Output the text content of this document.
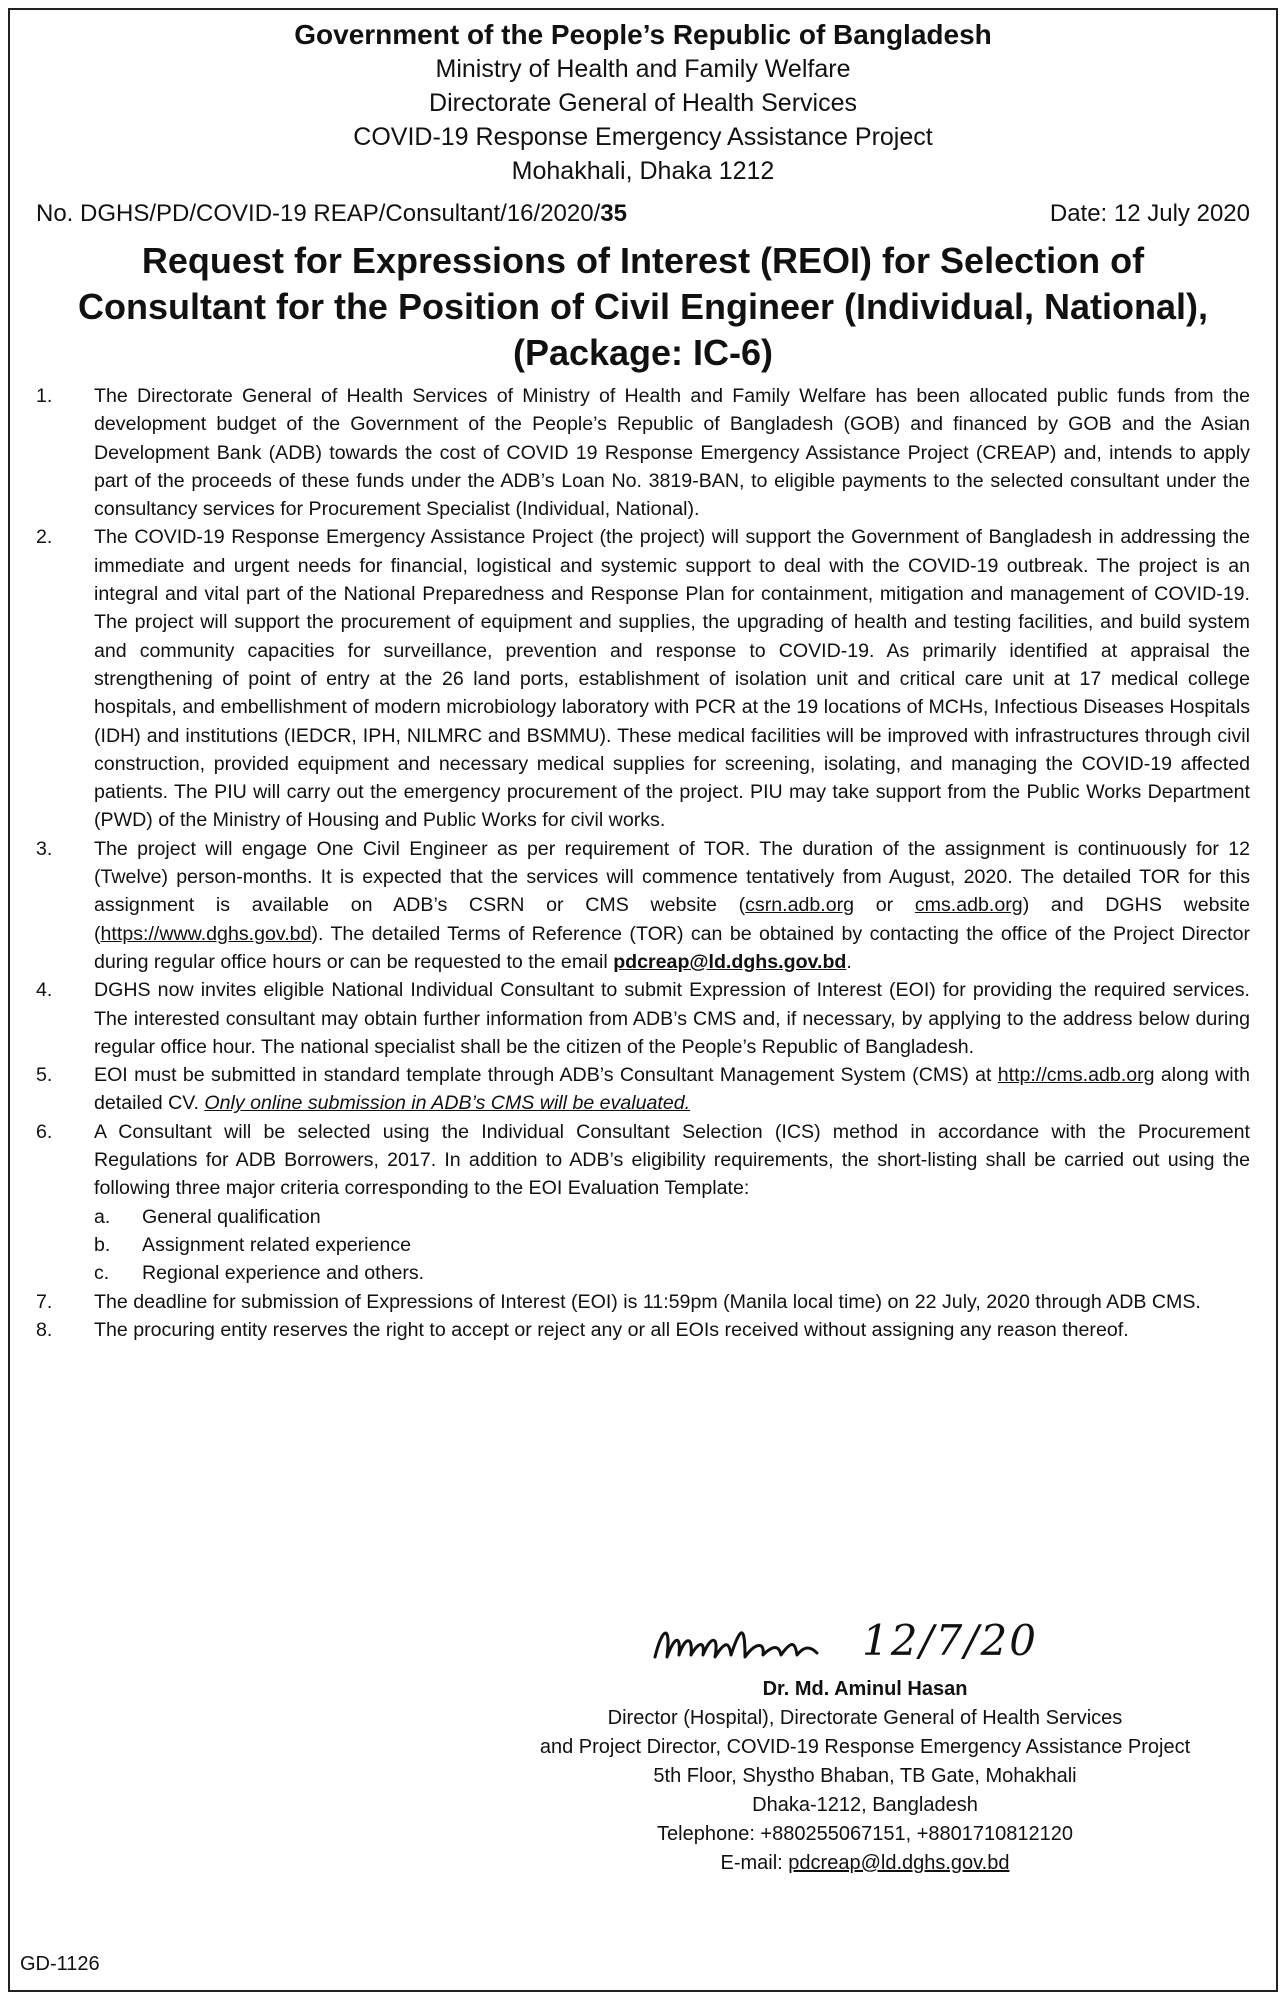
Government of the People’s Republic of Bangladesh
Ministry of Health and Family Welfare
Directorate General of Health Services
COVID-19 Response Emergency Assistance Project
Mohakhali, Dhaka 1212
No. DGHS/PD/COVID-19 REAP/Consultant/16/2020/35	Date: 12 July 2020
Request for Expressions of Interest (REOI) for Selection of Consultant for the Position of Civil Engineer (Individual, National), (Package: IC-6)
1.	The Directorate General of Health Services of Ministry of Health and Family Welfare has been allocated public funds from the development budget of the Government of the People’s Republic of Bangladesh (GOB) and financed by GOB and the Asian Development Bank (ADB) towards the cost of COVID 19 Response Emergency Assistance Project (CREAP) and, intends to apply part of the proceeds of these funds under the ADB’s Loan No. 3819-BAN, to eligible payments to the selected consultant under the consultancy services for Procurement Specialist (Individual, National).
2.	The COVID-19 Response Emergency Assistance Project (the project) will support the Government of Bangladesh in addressing the immediate and urgent needs for financial, logistical and systemic support to deal with the COVID-19 outbreak. The project is an integral and vital part of the National Preparedness and Response Plan for containment, mitigation and management of COVID-19. The project will support the procurement of equipment and supplies, the upgrading of health and testing facilities, and build system and community capacities for surveillance, prevention and response to COVID-19. As primarily identified at appraisal the strengthening of point of entry at the 26 land ports, establishment of isolation unit and critical care unit at 17 medical college hospitals, and embellishment of modern microbiology laboratory with PCR at the 19 locations of MCHs, Infectious Diseases Hospitals (IDH) and institutions (IEDCR, IPH, NILMRC and BSMMU). These medical facilities will be improved with infrastructures through civil construction, provided equipment and necessary medical supplies for screening, isolating, and managing the COVID-19 affected patients. The PIU will carry out the emergency procurement of the project. PIU may take support from the Public Works Department (PWD) of the Ministry of Housing and Public Works for civil works.
3.	The project will engage One Civil Engineer as per requirement of TOR. The duration of the assignment is continuously for 12 (Twelve) person-months. It is expected that the services will commence tentatively from August, 2020. The detailed TOR for this assignment is available on ADB’s CSRN or CMS website (csrn.adb.org or cms.adb.org) and DGHS website (https://www.dghs.gov.bd). The detailed Terms of Reference (TOR) can be obtained by contacting the office of the Project Director during regular office hours or can be requested to the email pdcreap@ld.dghs.gov.bd.
4.	DGHS now invites eligible National Individual Consultant to submit Expression of Interest (EOI) for providing the required services. The interested consultant may obtain further information from ADB’s CMS and, if necessary, by applying to the address below during regular office hour. The national specialist shall be the citizen of the People’s Republic of Bangladesh.
5.	EOI must be submitted in standard template through ADB’s Consultant Management System (CMS) at http://cms.adb.org along with detailed CV. Only online submission in ADB’s CMS will be evaluated.
6.	A Consultant will be selected using the Individual Consultant Selection (ICS) method in accordance with the Procurement Regulations for ADB Borrowers, 2017. In addition to ADB’s eligibility requirements, the short-listing shall be carried out using the following three major criteria corresponding to the EOI Evaluation Template:
a.	General qualification
b.	Assignment related experience
c.	Regional experience and others.
7.	The deadline for submission of Expressions of Interest (EOI) is 11:59pm (Manila local time) on 22 July, 2020 through ADB CMS.
8.	The procuring entity reserves the right to accept or reject any or all EOIs received without assigning any reason thereof.
12/7/20
Dr. Md. Aminul Hasan
Director (Hospital), Directorate General of Health Services
and Project Director, COVID-19 Response Emergency Assistance Project
5th Floor, Shystho Bhaban, TB Gate, Mohakhali
Dhaka-1212, Bangladesh
Telephone: +880255067151, +8801710812120
E-mail: pdcreap@ld.dghs.gov.bd
GD-1126
